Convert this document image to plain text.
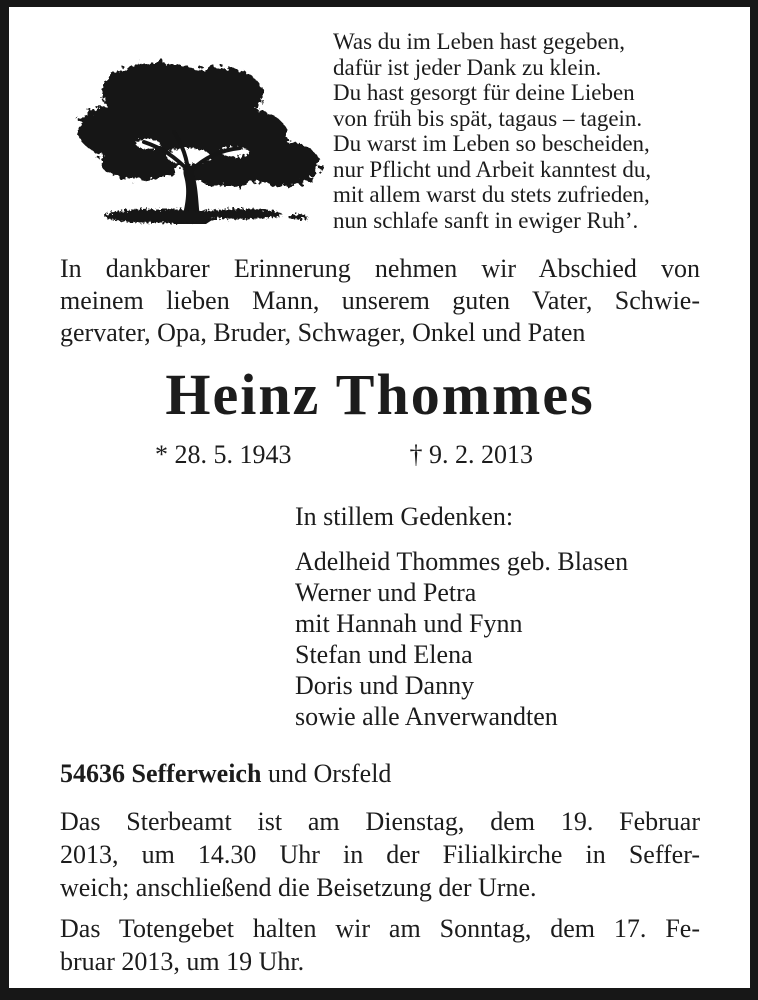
Was du im Leben hast gegeben,
dafür ist jeder Dank zu klein.
Du hast gesorgt für deine Lieben
von früh bis spät, tagaus – tagein.
Du warst im Leben so bescheiden,
nur Pflicht und Arbeit kanntest du,
mit allem warst du stets zufrieden,
nun schlafe sanft in ewiger Ruh’.
In dankbarer Erinnerung nehmen wir Abschied von
meinem lieben Mann, unserem guten Vater, Schwie-
gervater, Opa, Bruder, Schwager, Onkel und Paten
Heinz Thommes
* 28. 5. 1943	† 9. 2. 2013
In stillem Gedenken:
Adelheid Thommes geb. Blasen
Werner und Petra
mit Hannah und Fynn
Stefan und Elena
Doris und Danny
sowie alle Anverwandten
54636 Sefferweich und Orsfeld
Das Sterbeamt ist am Dienstag, dem 19. Februar
2013, um 14.30 Uhr in der Filialkirche in Seffer-
weich; anschließend die Beisetzung der Urne.
Das Totengebet halten wir am Sonntag, dem 17. Fe-
bruar 2013, um 19 Uhr.
